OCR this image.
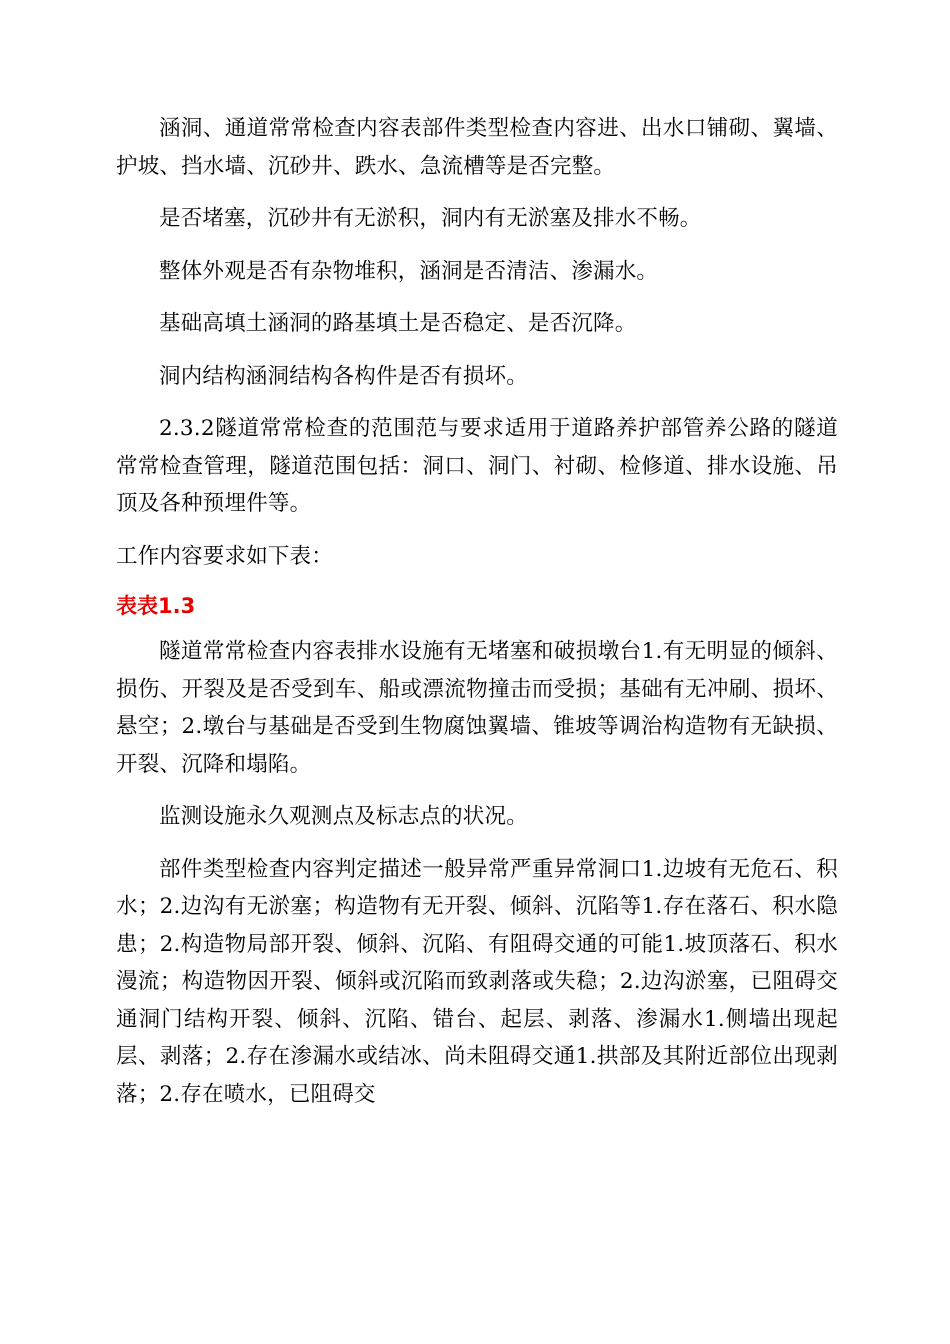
涵洞、通道常常检查内容表部件类型检查内容进、出水口铺砌、翼墙、护坡、挡水墙、沉砂井、跌水、急流槽等是否完整。

是否堵塞，沉砂井有无淤积，洞内有无淤塞及排水不畅。

整体外观是否有杂物堆积，涵洞是否清洁、渗漏水。

基础高填土涵洞的路基填土是否稳定、是否沉降。

洞内结构涵洞结构各构件是否有损坏。

2.3.2隧道常常检查的范围范与要求适用于道路养护部管养公路的隧道常常检查管理，隧道范围包括：洞口、洞门、衬砌、检修道、排水设施、吊顶及各种预埋件等。

工作内容要求如下表：

表表1.3

隧道常常检查内容表排水设施有无堵塞和破损墩台1.有无明显的倾斜、损伤、开裂及是否受到车、船或漂流物撞击而受损；基础有无冲刷、损坏、悬空；2.墩台与基础是否受到生物腐蚀翼墙、锥坡等调治构造物有无缺损、开裂、沉降和塌陷。

监测设施永久观测点及标志点的状况。

部件类型检查内容判定描述一般异常严重异常洞口1.边坡有无危石、积水；2.边沟有无淤塞；构造物有无开裂、倾斜、沉陷等1.存在落石、积水隐患；2.构造物局部开裂、倾斜、沉陷、有阻碍交通的可能1.坡顶落石、积水漫流；构造物因开裂、倾斜或沉陷而致剥落或失稳；2.边沟淤塞，已阻碍交通洞门结构开裂、倾斜、沉陷、错台、起层、剥落、渗漏水1.侧墙出现起层、剥落；2.存在渗漏水或结冰、尚未阻碍交通1.拱部及其附近部位出现剥落；2.存在喷水，已阻碍交
